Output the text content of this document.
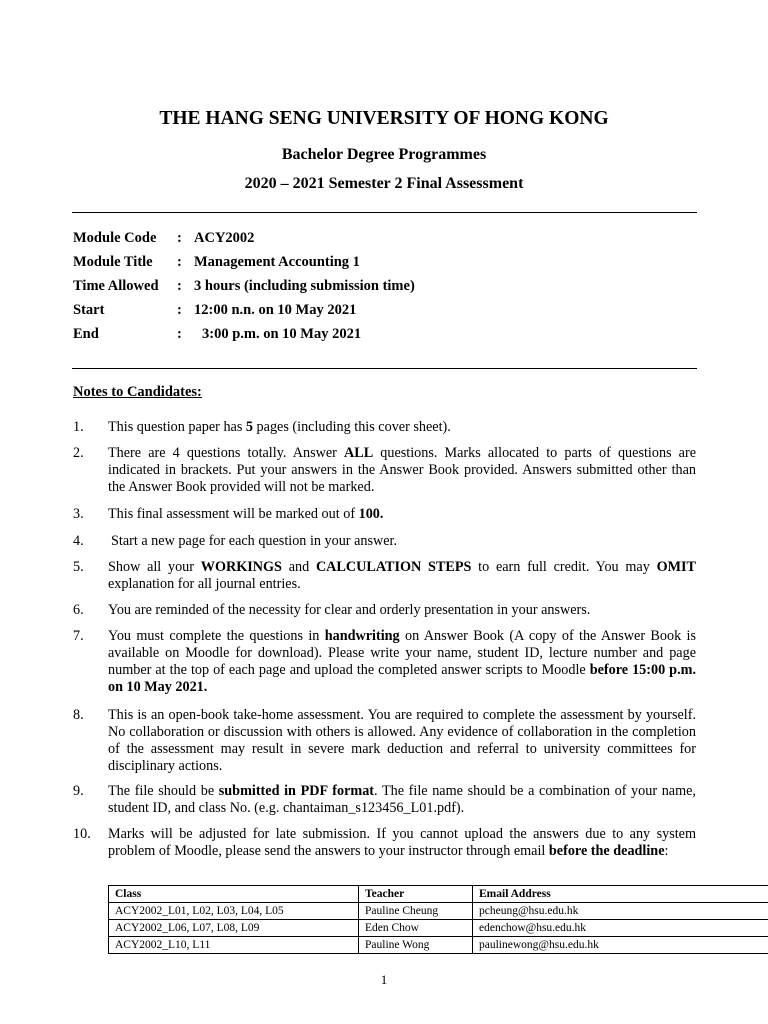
THE HANG SENG UNIVERSITY OF HONG KONG
Bachelor Degree Programmes
2020 – 2021 Semester 2 Final Assessment
Module Code : ACY2002
Module Title : Management Accounting 1
Time Allowed : 3 hours (including submission time)
Start	: 12:00 n.n. on 10 May 2021
End	: 3:00 p.m. on 10 May 2021
Notes to Candidates:
1. This question paper has 5 pages (including this cover sheet).
2. There are 4 questions totally. Answer ALL questions. Marks allocated to parts of questions are indicated in brackets. Put your answers in the Answer Book provided. Answers submitted other than the Answer Book provided will not be marked.
3. This final assessment will be marked out of 100.
4. Start a new page for each question in your answer.
5. Show all your WORKINGS and CALCULATION STEPS to earn full credit. You may OMIT explanation for all journal entries.
6. You are reminded of the necessity for clear and orderly presentation in your answers.
7. You must complete the questions in handwriting on Answer Book (A copy of the Answer Book is available on Moodle for download). Please write your name, student ID, lecture number and page number at the top of each page and upload the completed answer scripts to Moodle before 15:00 p.m. on 10 May 2021.
8. This is an open-book take-home assessment. You are required to complete the assessment by yourself. No collaboration or discussion with others is allowed. Any evidence of collaboration in the completion of the assessment may result in severe mark deduction and referral to university committees for disciplinary actions.
9. The file should be submitted in PDF format. The file name should be a combination of your name, student ID, and class No. (e.g. chantaiman_s123456_L01.pdf).
10. Marks will be adjusted for late submission. If you cannot upload the answers due to any system problem of Moodle, please send the answers to your instructor through email before the deadline:
Class	Teacher	Email Address
ACY2002_L01, L02, L03, L04, L05	Pauline Cheung	pcheung@hsu.edu.hk
ACY2002_L06, L07, L08, L09	Eden Chow	edenchow@hsu.edu.hk
ACY2002_L10, L11	Pauline Wong	paulinewong@hsu.edu.hk
1
